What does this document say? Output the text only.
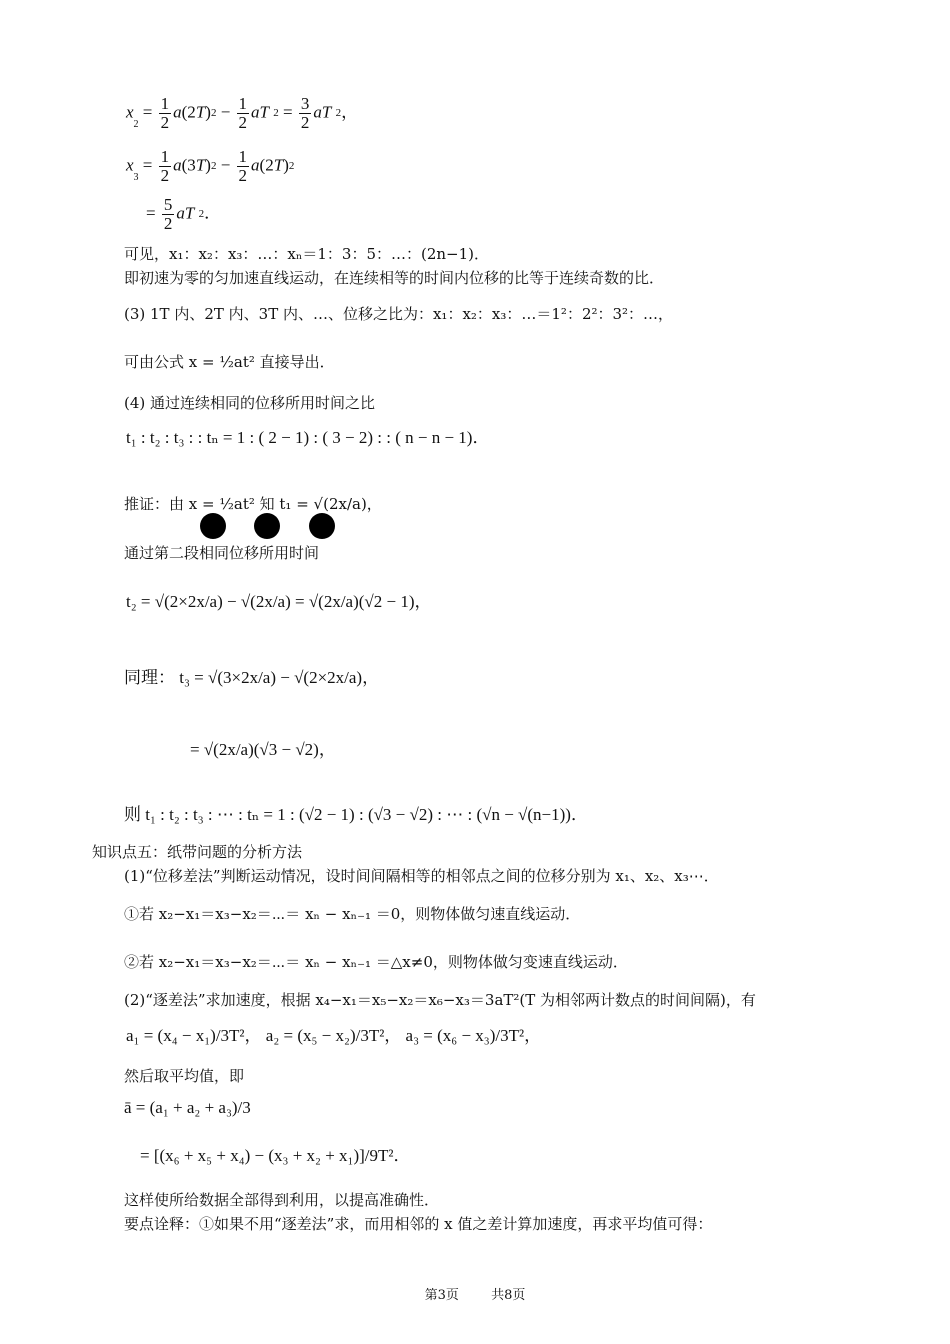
$x_2 = \frac{1}{2} a(2T)2 - \frac{1}{2}$ aT $2 = \frac{3}{2}$ aT 2，
$x_3 = \frac{1}{2} a(3T)2 - \frac{1}{2} a(2T)2$
= $\frac{5}{2}$ aT 2．
可见，x₁：x₂：x₃：…：xₙ＝1：3：5：…：(2n−1)．
即初速为零的匀加速直线运动，在连续相等的时间内位移的比等于连续奇数的比．
(3) 1T 内、2T 内、3T 内、…、位移之比为：x₁：x₂：x₃：…＝1²：2²：3²：…，
可由公式 x = ½at² 直接导出．
(4) 通过连续相同的位移所用时间之比
t₁ : t₂ : t₃ : : tₙ = 1 : ( 2 − 1) : ( 3 − 2) : : ( n − n − 1)．
推证：由 x = ½at² 知 t₁ = √(2x/a)，
通过第二段相同位移所用时间
t₂ = √(2×2x/a) − √(2x/a) = √(2x/a)(√2 − 1)，
同理： t₃ = √(3×2x/a) − √(2×2x/a)，
= √(2x/a)(√3 − √2)，
则 t₁ : t₂ : t₃ : ⋯ : tₙ = 1 : (√2 − 1) : (√3 − √2) : ⋯ : (√n − √(n−1))．
知识点五：纸带问题的分析方法
(1)“位移差法”判断运动情况，设时间间隔相等的相邻点之间的位移分别为 x₁、x₂、x₃⋯．
①若 x₂−x₁＝x₃−x₂＝⋯＝ xₙ − xₙ₋₁ ＝0，则物体做匀速直线运动．
②若 x₂−x₁＝x₃−x₂＝⋯＝ xₙ − xₙ₋₁ ＝△x≠0，则物体做匀变速直线运动．
(2)“逐差法”求加速度，根据 x₄−x₁＝x₅−x₂＝x₆−x₃＝3aT²(T 为相邻两计数点的时间间隔)，有
a₁ = (x₄ − x₁)/3T²， a₂ = (x₅ − x₂)/3T²， a₃ = (x₆ − x₃)/3T²，
然后取平均值，即
ā = (a₁ + a₂ + a₃)/3
= [(x₆ + x₅ + x₄) − (x₃ + x₂ + x₁)]/9T²．
这样使所给数据全部得到利用，以提高准确性．
要点诠释：①如果不用“逐差法”求，而用相邻的 x 值之差计算加速度，再求平均值可得：
第3页 共8页
